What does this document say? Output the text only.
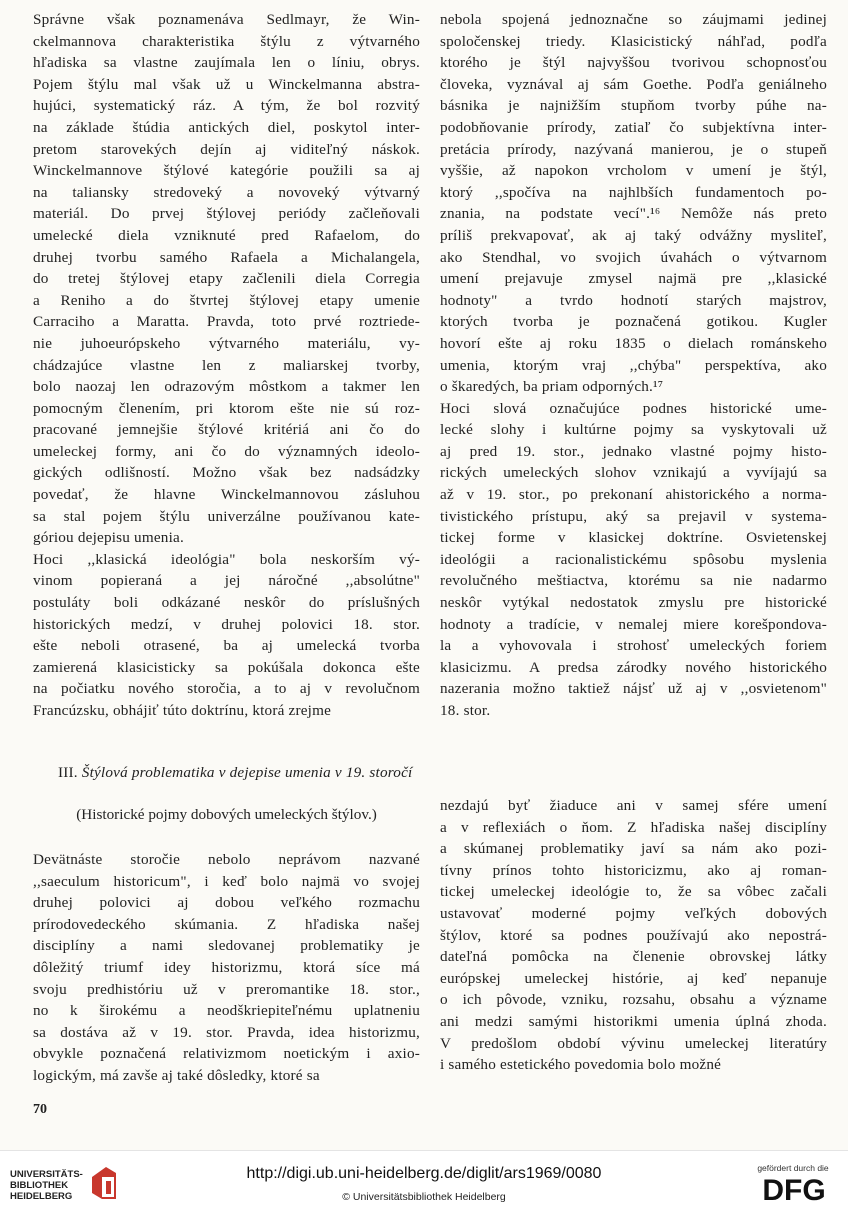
Správne však poznamenáva Sedlmayr, že Win-
ckelmannova charakteristika štýlu z výtvarného
hľadiska sa vlastne zaujímala len o líniu, obrys.
Pojem štýlu mal však už u Winckelmanna abstra-
hujúci, systematický ráz. A tým, že bol rozvitý
na základe štúdia antických diel, poskytol inter-
pretom starovekých dejín aj viditeľný náskok.
Winckelmannove štýlové kategórie použili sa aj
na taliansky stredoveký a novoveký výtvarný
materiál. Do prvej štýlovej periódy začleňovali
umelecké diela vzniknuté pred Rafaelom, do
druhej tvorbu samého Rafaela a Michalangela,
do tretej štýlovej etapy začlenili diela Corregia
a Reniho a do štvrtej štýlovej etapy umenie
Carraciho a Maratta. Pravda, toto prvé roztriede-
nie juhoeurópskeho výtvarného materiálu, vy-
chádzajúce vlastne len z maliarskej tvorby,
bolo naozaj len odrazovým môstkom a takmer len
pomocným členením, pri ktorom ešte nie sú roz-
pracované jemnejšie štýlové kritériá ani čo do
umeleckej formy, ani čo do významných ideolo-
gických odlišností. Možno však bez nadsádzky
povedať, že hlavne Winckelmannovou zásluhou
sa stal pojem štýlu univerzálne používanou kate-
góriou dejepisu umenia.
Hoci ,,klasická ideológia" bola neskorším vý-
vinom popieraná a jej náročné ,,absolútne"
postuláty boli odkázané neskôr do príslušných
historických medzí, v druhej polovici 18. stor.
ešte neboli otrasené, ba aj umelecká tvorba
zamierená klasicisticky sa pokúšala dokonca ešte
na počiatku nového storočia, a to aj v revolučnom
Francúzsku, obhájiť túto doktrínu, ktorá zrejme
nebola spojená jednoznačne so záujmami jedinej
spoločenskej triedy. Klasicistický náhľad, podľa
ktorého je štýl najvyššou tvorivou schopnosťou
človeka, vyznával aj sám Goethe. Podľa geniálneho
básnika je najnižším stupňom tvorby púhe na-
podobňovanie prírody, zatiaľ čo subjektívna inter-
pretácia prírody, nazývaná manierou, je o stupeň
vyššie, až napokon vrcholom v umení je štýl,
ktorý ,,spočíva na najhlbších fundamentoch po-
znania, na podstate vecí".¹⁶ Nemôže nás preto
príliš prekvapovať, ak aj taký odvážny mysliteľ,
ako Stendhal, vo svojich úvahách o výtvarnom
umení prejavuje zmysel najmä pre ,,klasické
hodnoty" a tvrdo hodnotí starých majstrov,
ktorých tvorba je poznačená gotikou. Kugler
hovorí ešte aj roku 1835 o dielach románskeho
umenia, ktorým vraj ,,chýba" perspektíva, ako
o škaredých, ba priam odporných.¹⁷
Hoci slová označujúce podnes historické ume-
lecké slohy i kultúrne pojmy sa vyskytovali už
aj pred 19. stor., jednako vlastné pojmy histo-
rických umeleckých slohov vznikajú a vyvíjajú sa
až v 19. stor., po prekonaní ahistorického a norma-
tivistického prístupu, aký sa prejavil v systema-
tickej forme v klasickej doktríne. Osvietenskej
ideológii a racionalistickému spôsobu myslenia
revolučného meštiactva, ktorému sa nie nadarmo
neskôr vytýkal nedostatok zmyslu pre historické
hodnoty a tradície, v nemalej miere korešpondova-
la a vyhovovala i strohosť umeleckých foriem
klasicizmu. A predsa zárodky nového historického
nazerania možno taktiež nájsť už aj v ,,osvietenom"
18. stor.
III. Štýlová problematika v dejepise umenia v 19. storočí
(Historické pojmy dobových umeleckých štýlov.)
Devätnáste storočie nebolo neprávom nazvané
,,saeculum historicum", i keď bolo najmä vo svojej
druhej polovici aj dobou veľkého rozmachu
prírodovedeckého skúmania. Z hľadiska našej
disciplíny a nami sledovanej problematiky je
dôležitý triumf idey historizmu, ktorá síce má
svoju predhistóriu už v preromantike 18. stor.,
no k širokému a neodškriepiteľnému uplatneniu
sa dostáva až v 19. stor. Pravda, idea historizmu,
obvykle poznačená relativizmom noetickým i axio-
logickým, má zavše aj také dôsledky, ktoré sa
nezdajú byť žiaduce ani v samej sfére umení
a v reflexiách o ňom. Z hľadiska našej disciplíny
a skúmanej problematiky javí sa nám ako pozi-
tívny prínos tohto historicizmu, ako aj roman-
tickej umeleckej ideológie to, že sa vôbec začali
ustavovať moderné pojmy veľkých dobových
štýlov, ktoré sa podnes používajú ako nepostrá-
dateľná pomôcka na členenie obrovskej látky
európskej umeleckej histórie, aj keď nepanuje
o ich pôvode, vzniku, rozsahu, obsahu a význame
ani medzi samými historikmi umenia úplná zhoda.
V predošlom období vývinu umeleckej literatúry
i samého estetického povedomia bolo možné
70
UNIVERSITÄTS-
BIBLIOTHEK
HEIDELBERG
http://digi.ub.uni-heidelberg.de/diglit/ars1969/0080
© Universitätsbibliothek Heidelberg
gefördert durch die
DFG
